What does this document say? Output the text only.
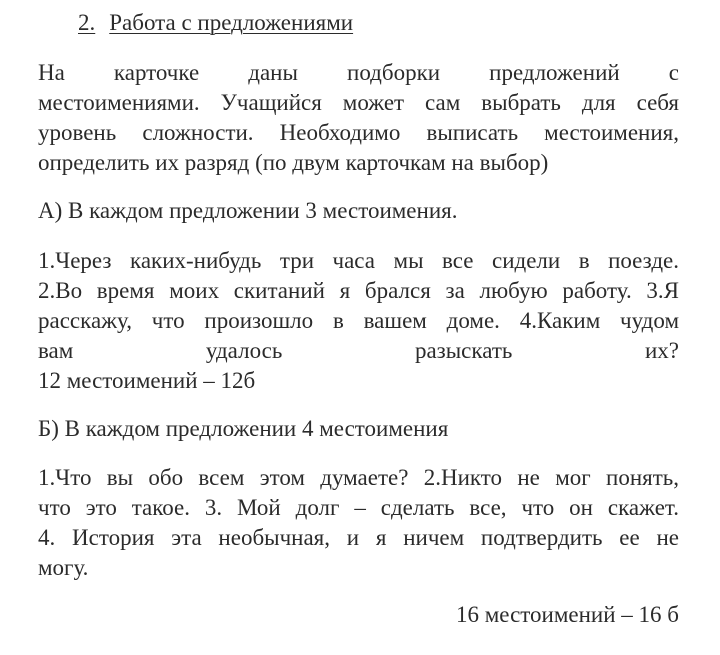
2. Работа с предложениями
На карточке даны подборки предложений с
местоимениями. Учащийся может сам выбрать для себя
уровень сложности. Необходимо выписать местоимения,
определить их разряд (по двум карточкам на выбор)
А) В каждом предложении 3 местоимения.
1.Через каких-нибудь три часа мы все сидели в поезде.
2.Во время моих скитаний я брался за любую работу. 3.Я
расскажу, что произошло в вашем доме. 4.Каким чудом
вам удалось разыскать их?
12 местоимений – 12б
Б) В каждом предложении 4 местоимения
1.Что вы обо всем этом думаете? 2.Никто не мог понять,
что это такое. 3. Мой долг – сделать все, что он скажет.
4. История эта необычная, и я ничем подтвердить ее не
могу.
16 местоимений – 16 б
